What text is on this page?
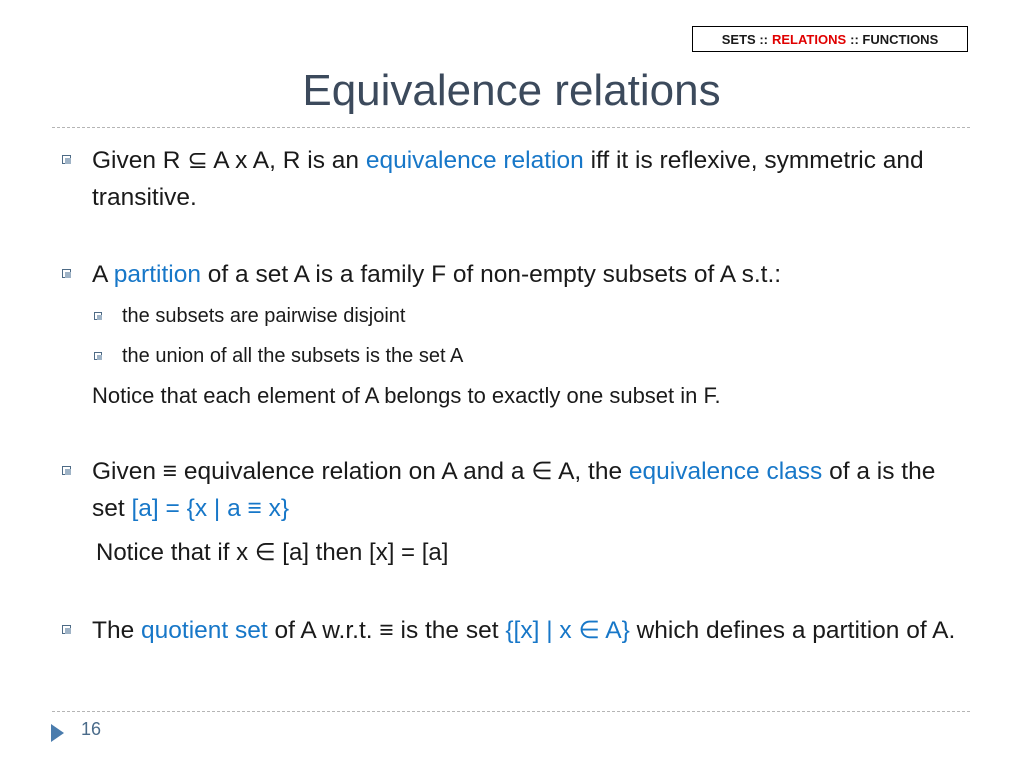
SETS :: RELATIONS :: FUNCTIONS
Equivalence relations
Given R ⊆ A x A, R is an equivalence relation iff it is reflexive, symmetric and transitive.
A partition of a set A is a family F of non-empty subsets of A s.t.:
the subsets are pairwise disjoint
the union of all the subsets is the set A
Notice that each element of A belongs to exactly one subset in F.
Given ≡ equivalence relation on A and a ∈ A, the equivalence class of a is the set [a] = {x | a ≡ x}
Notice that if x ∈ [a] then [x] = [a]
The quotient set of A w.r.t. ≡ is the set {[x] | x ∈ A} which defines a partition of A.
16
